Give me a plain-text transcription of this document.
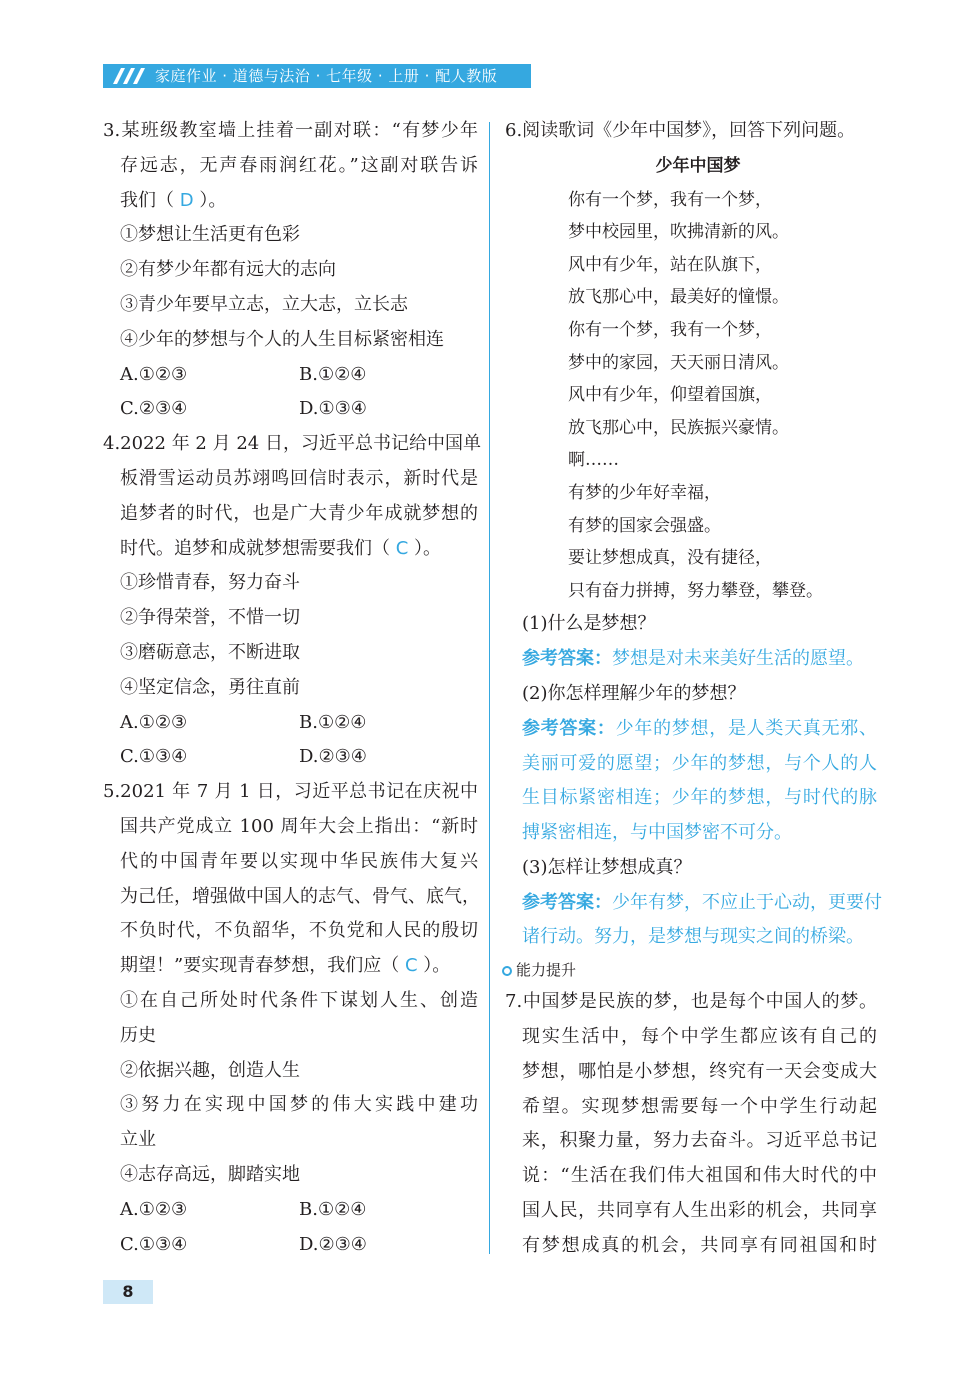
家庭作业 · 道德与法治 · 七年级 · 上册 · 配人教版
3.某班级教室墙上挂着一副对联：“有梦少年
存远志，无声春雨润红花。”这副对联告诉
我们（ D ）。
①梦想让生活更有色彩
②有梦少年都有远大的志向
③青少年要早立志，立大志，立长志
④少年的梦想与个人的人生目标紧密相连
A.①②③	B.①②④
C.②③④	D.①③④
4.2022 年 2 月 24 日，习近平总书记给中国单
板滑雪运动员苏翊鸣回信时表示，新时代是
追梦者的时代，也是广大青少年成就梦想的
时代。追梦和成就梦想需要我们（ C ）。
①珍惜青春，努力奋斗
②争得荣誉，不惜一切
③磨砺意志，不断进取
④坚定信念，勇往直前
A.①②③	B.①②④
C.①③④	D.②③④
5.2021 年 7 月 1 日，习近平总书记在庆祝中
国共产党成立 100 周年大会上指出：“新时
代的中国青年要以实现中华民族伟大复兴
为己任，增强做中国人的志气、骨气、底气，
不负时代，不负韶华，不负党和人民的殷切
期望！”要实现青春梦想，我们应（ C ）。
①在自己所处时代条件下谋划人生、创造
历史
②依据兴趣，创造人生
③努力在实现中国梦的伟大实践中建功
立业
④志存高远，脚踏实地
A.①②③	B.①②④
C.①③④	D.②③④
6.阅读歌词《少年中国梦》，回答下列问题。
少年中国梦
你有一个梦，我有一个梦，
梦中校园里，吹拂清新的风。
风中有少年，站在队旗下，
放飞那心中，最美好的憧憬。
你有一个梦，我有一个梦，
梦中的家园，天天丽日清风。
风中有少年，仰望着国旗，
放飞那心中，民族振兴豪情。
啊……
有梦的少年好幸福，
有梦的国家会强盛。
要让梦想成真，没有捷径，
只有奋力拼搏，努力攀登，攀登。
(1)什么是梦想？
参考答案：梦想是对未来美好生活的愿望。
(2)你怎样理解少年的梦想？
参考答案：少年的梦想，是人类天真无邪、
美丽可爱的愿望；少年的梦想，与个人的人
生目标紧密相连；少年的梦想，与时代的脉
搏紧密相连，与中国梦密不可分。
(3)怎样让梦想成真？
参考答案：少年有梦，不应止于心动，更要付
诸行动。努力，是梦想与现实之间的桥梁。
能力提升
7.中国梦是民族的梦，也是每个中国人的梦。
现实生活中，每个中学生都应该有自己的
梦想，哪怕是小梦想，终究有一天会变成大
希望。实现梦想需要每一个中学生行动起
来，积聚力量，努力去奋斗。习近平总书记
说：“生活在我们伟大祖国和伟大时代的中
国人民，共同享有人生出彩的机会，共同享
有梦想成真的机会，共同享有同祖国和时
8
